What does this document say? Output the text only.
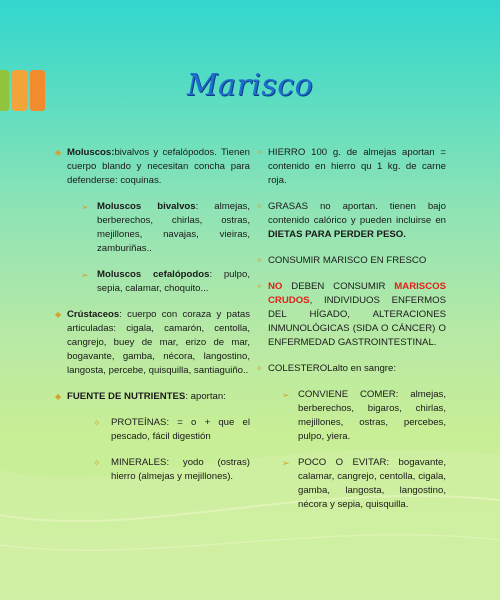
Marisco
◆ Moluscos:bivalvos y cefalópodos. Tienen cuerpo blando y necesitan concha para defenderse: coquinas.
➢ Moluscos bivalvos: almejas, berberechos, chirlas, ostras, mejillones, navajas, vieiras, zamburiñas..
➢ Moluscos cefalópodos: pulpo, sepia, calamar, choquito...
◆ Crústaceos: cuerpo con coraza y patas articuladas: cigala, camarón, centolla, cangrejo, buey de mar, erizo de mar, bogavante, gamba, nécora, langostino, langosta, percebe, quisquilla, santiaguiño..
◆ FUENTE DE NUTRIENTES: aportan:
✧ PROTEÍNAS: = o + que el pescado, fácil digestión
✧ MINERALES: yodo (ostras) hierro (almejas y mejillones).
✧ HIERRO 100 g. de almejas aportan = contenido en hierro qu 1 kg. de carne roja.
✧ GRASAS no aportan. tienen bajo contenido calórico y pueden incluirse en DIETAS PARA PERDER PESO.
✧ CONSUMIR MARISCO EN FRESCO
✧ NO DEBEN CONSUMIR MARISCOS CRUDOS, INDIVIDUOS ENFERMOS DEL HÍGADO, ALTERACIONES INMUNOLÓGICAS (SIDA O CÁNCER) O ENFERMEDAD GASTROINTESTINAL.
✧ COLESTEROLalto en sangre:
➢ CONVIENE COMER: almejas, berberechos, bigaros, chirlas, mejillones, ostras, percebes, pulpo, yiera.
➢ POCO O EVITAR: bogavante, calamar, cangrejo, centolla, cigala, gamba, langosta, langostino, nécora y sepia, quisquilla.
